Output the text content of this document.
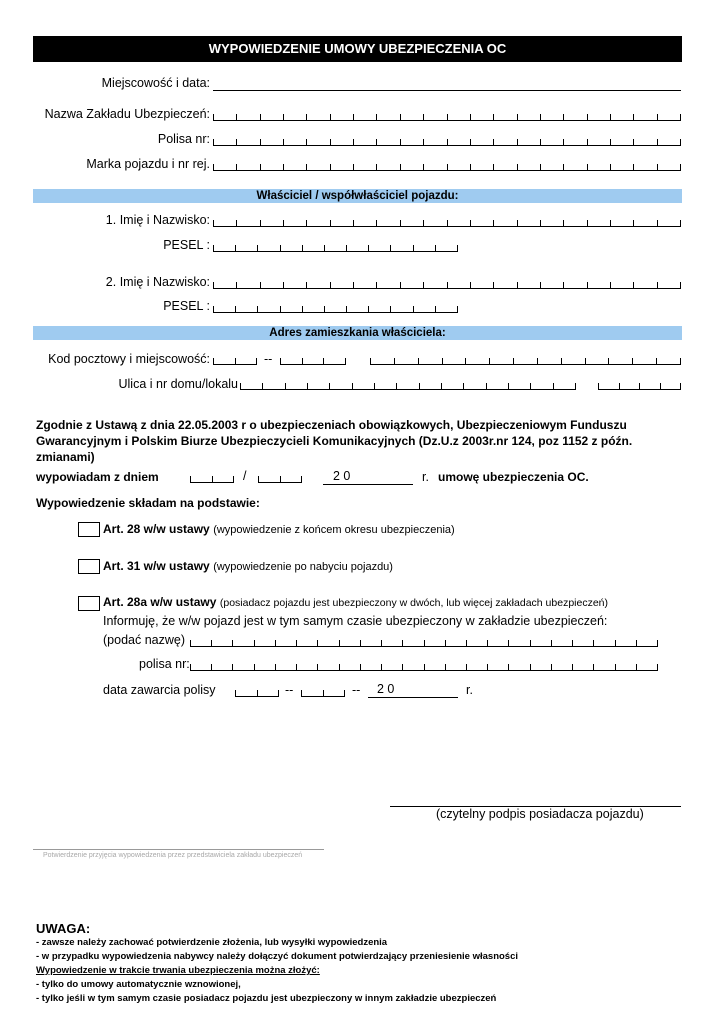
WYPOWIEDZENIE UMOWY UBEZPIECZENIA OC
Miejscowość i data:
Nazwa Zakładu Ubezpieczeń:
Polisa nr:
Marka pojazdu i nr rej.
Właściciel / współwłaściciel pojazdu:
1. Imię i Nazwisko:
PESEL :
2. Imię i Nazwisko:
PESEL :
Adres zamieszkania właściciela:
Kod pocztowy i miejscowość:	--
Ulica i nr domu/lokalu
Zgodnie z Ustawą z dnia 22.05.2003 r o ubezpieczeniach obowiązkowych, Ubezpieczeniowym Funduszu Gwarancyjnym i Polskim Biurze Ubezpieczycieli Komunikacyjnych (Dz.U.z 2003r.nr 124, poz 1152 z późn. zmianami)
wypowiadam z dniem	/	2 0	r. umowę ubezpieczenia OC.
Wypowiedzenie składam na podstawie:
Art. 28 w/w ustawy (wypowiedzenie z końcem okresu ubezpieczenia)
Art. 31 w/w ustawy (wypowiedzenie po nabyciu pojazdu)
Art. 28a w/w ustawy (posiadacz pojazdu jest ubezpieczony w dwóch, lub więcej zakładach ubezpieczeń)
Informuję, że w/w pojazd jest w tym samym czasie ubezpieczony w zakładzie ubezpieczeń:
(podać nazwę)
polisa nr:
data zawarcia polisy	--	-- 2 0	r.
(czytelny podpis posiadacza pojazdu)
Potwierdzenie przyjęcia wypowiedzenia przez przedstawiciela zakładu ubezpieczeń
UWAGA:
- zawsze należy zachować potwierdzenie złożenia, lub wysyłki wypowiedzenia
- w przypadku wypowiedzenia nabywcy należy dołączyć dokument potwierdzający przeniesienie własności
Wypowiedzenie w trakcie trwania ubezpieczenia można złożyć:
- tylko do umowy automatycznie wznowionej,
- tylko jeśli w tym samym czasie posiadacz pojazdu jest ubezpieczony w innym zakładzie ubezpieczeń
